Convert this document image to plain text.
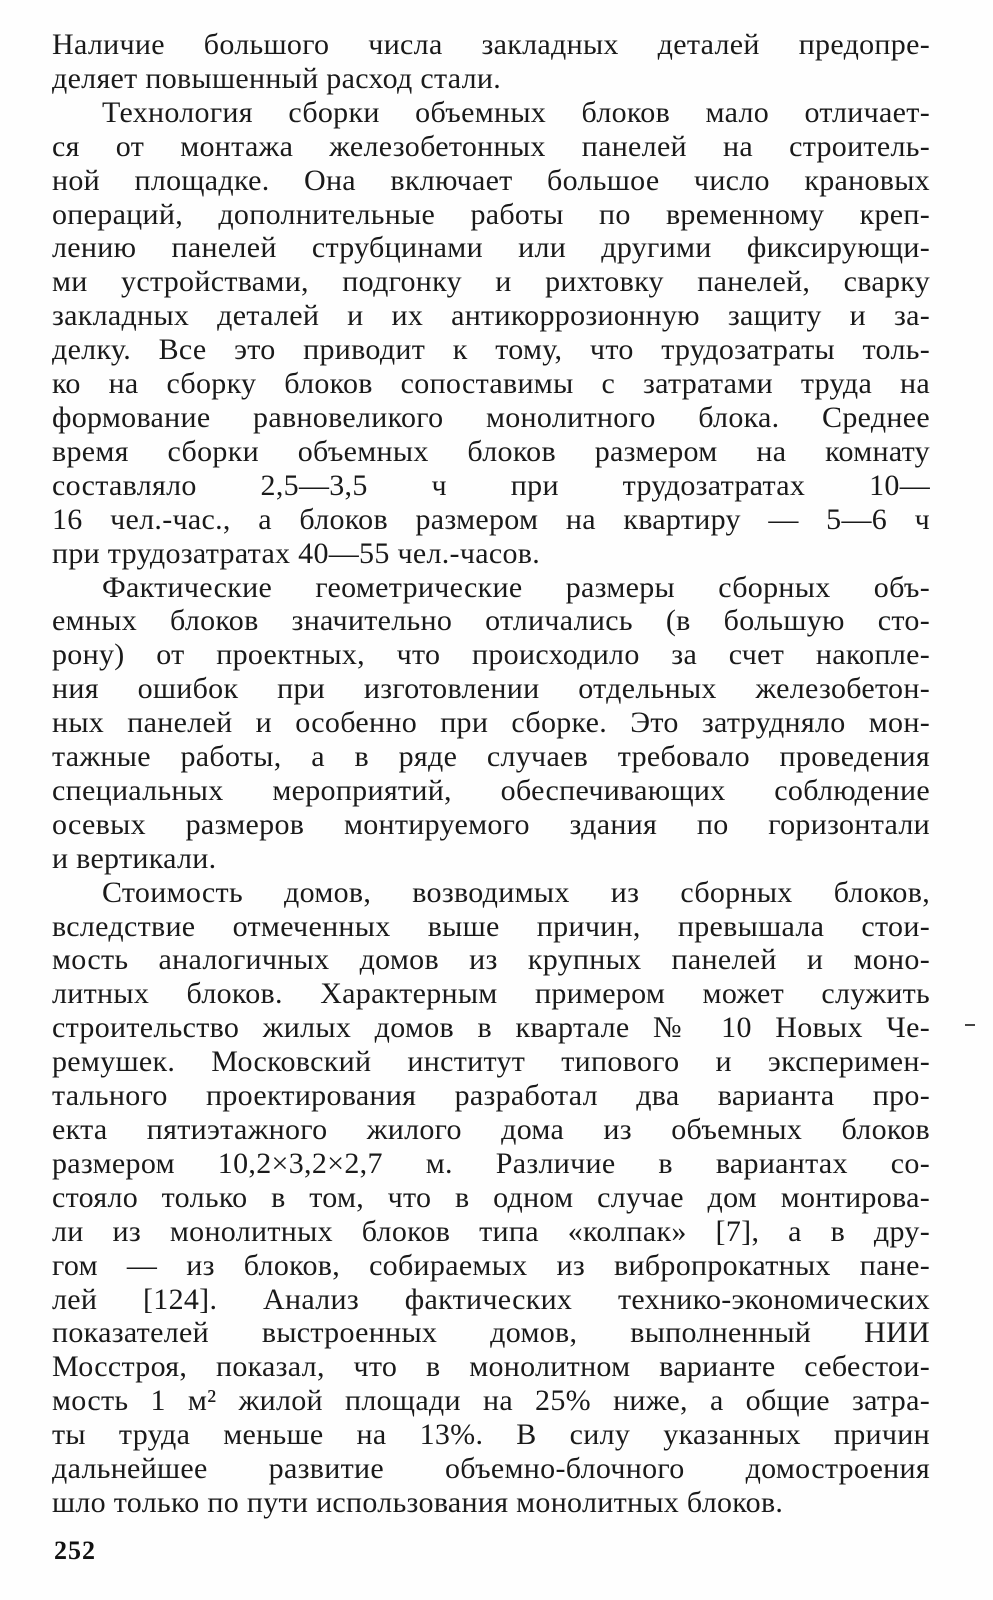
Наличие большого числа закладных деталей предопре-
деляет повышенный расход стали.

Технология сборки объемных блоков мало отличает-
ся от монтажа железобетонных панелей на строитель-
ной площадке. Она включает большое число крановых
операций, дополнительные работы по временному креп-
лению панелей струбцинами или другими фиксирующи-
ми устройствами, подгонку и рихтовку панелей, сварку
закладных деталей и их антикоррозионную защиту и за-
делку. Все это приводит к тому, что трудозатраты толь-
ко на сборку блоков сопоставимы с затратами труда на
формование равновеликого монолитного блока. Среднее
время сборки объемных блоков размером на комнату
составляло 2,5—3,5 ч при трудозатратах 10—
16 чел.-час., а блоков размером на квартиру — 5—6 ч
при трудозатратах 40—55 чел.-часов.

Фактические геометрические размеры сборных объ-
емных блоков значительно отличались (в большую сто-
рону) от проектных, что происходило за счет накопле-
ния ошибок при изготовлении отдельных железобетон-
ных панелей и особенно при сборке. Это затрудняло мон-
тажные работы, а в ряде случаев требовало проведения
специальных мероприятий, обеспечивающих соблюдение
осевых размеров монтируемого здания по горизонтали
и вертикали.

Стоимость домов, возводимых из сборных блоков,
вследствие отмеченных выше причин, превышала стои-
мость аналогичных домов из крупных панелей и моно-
литных блоков. Характерным примером может служить
строительство жилых домов в квартале № 10 Новых Че-
ремушек. Московский институт типового и эксперимен-
тального проектирования разработал два варианта про-
екта пятиэтажного жилого дома из объемных блоков
размером 10,2×3,2×2,7 м. Различие в вариантах со-
стояло только в том, что в одном случае дом монтирова-
ли из монолитных блоков типа «колпак» [7], а в дру-
гом — из блоков, собираемых из вибропрокатных пане-
лей [124]. Анализ фактических технико-экономических
показателей выстроенных домов, выполненный НИИ
Мосстроя, показал, что в монолитном варианте себестои-
мость 1 м² жилой площади на 25% ниже, а общие затра-
ты труда меньше на 13%. В силу указанных причин
дальнейшее развитие объемно-блочного домостроения
шло только по пути использования монолитных блоков.

252
